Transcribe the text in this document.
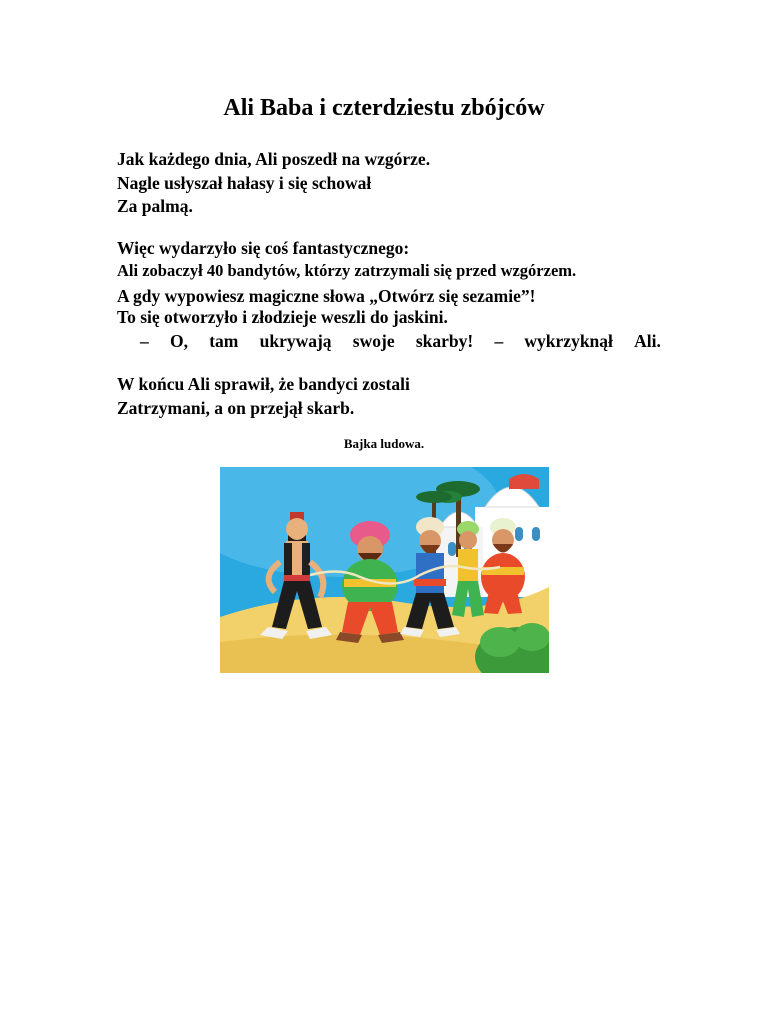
Ali Baba i czterdziestu zbójców
Jak każdego dnia, Ali poszedł na wzgórze.
Nagle usłyszał hałasy i się schował
Za palmą.
Więc wydarzyło się coś fantastycznego:
Ali zobaczył 40 bandytów, którzy zatrzymali się przed wzgórzem.
A gdy wypowiesz magiczne słowa „Otwórz się sezamie”!
To się otworzyło i złodzieje weszli do jaskini.
– O, tam ukrywają swoje skarby! – wykrzyknął Ali.
W końcu Ali sprawił, że bandyci zostali
Zatrzymani, a on przejął skarb.
Bajka ludowa.
